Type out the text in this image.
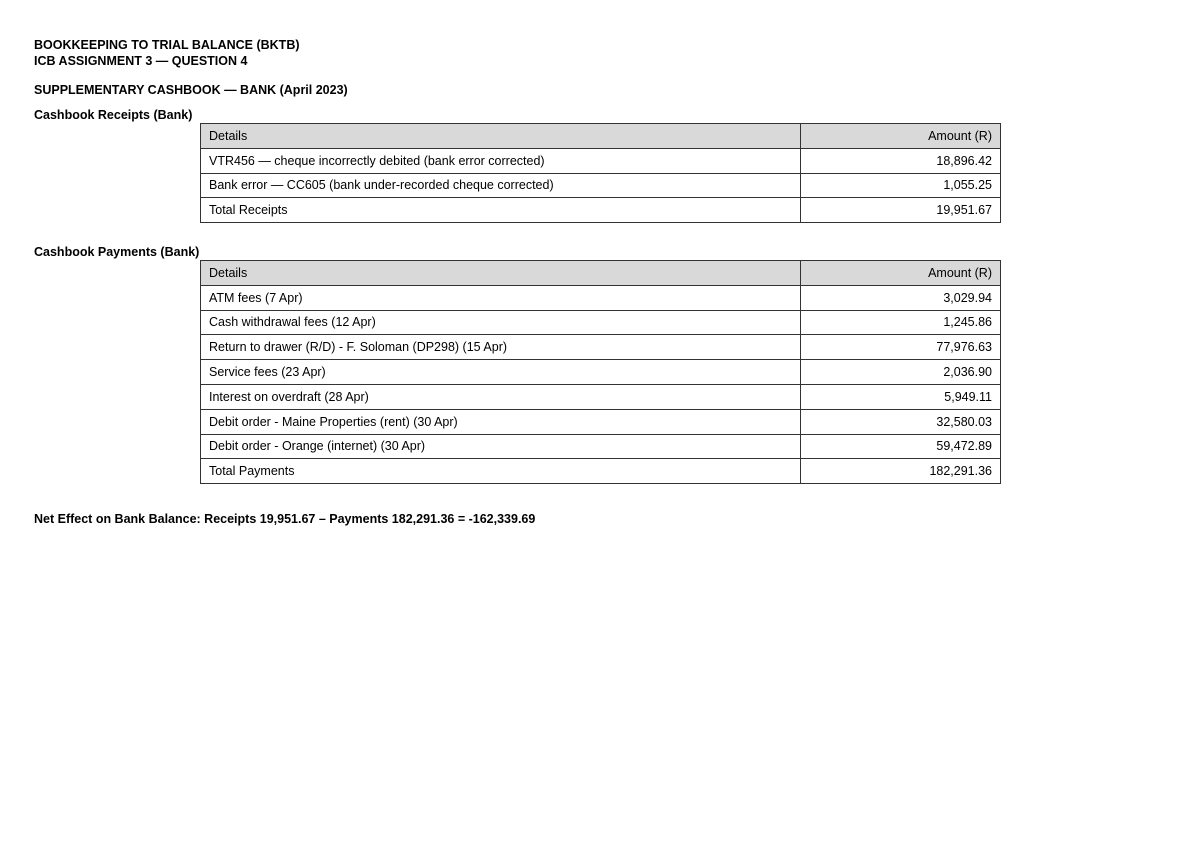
BOOKKEEPING TO TRIAL BALANCE (BKTB)
ICB ASSIGNMENT 3 — QUESTION 4
SUPPLEMENTARY CASHBOOK — BANK (April 2023)
Cashbook Receipts (Bank)
Details	Amount (R)
VTR456 — cheque incorrectly debited (bank error corrected)	18,896.42
Bank error — CC605 (bank under-recorded cheque corrected)	1,055.25
Total Receipts	19,951.67
Cashbook Payments (Bank)
Details	Amount (R)
ATM fees (7 Apr)	3,029.94
Cash withdrawal fees (12 Apr)	1,245.86
Return to drawer (R/D) - F. Soloman (DP298) (15 Apr)	77,976.63
Service fees (23 Apr)	2,036.90
Interest on overdraft (28 Apr)	5,949.11
Debit order - Maine Properties (rent) (30 Apr)	32,580.03
Debit order - Orange (internet) (30 Apr)	59,472.89
Total Payments	182,291.36
Net Effect on Bank Balance: Receipts 19,951.67 – Payments 182,291.36 = -162,339.69
